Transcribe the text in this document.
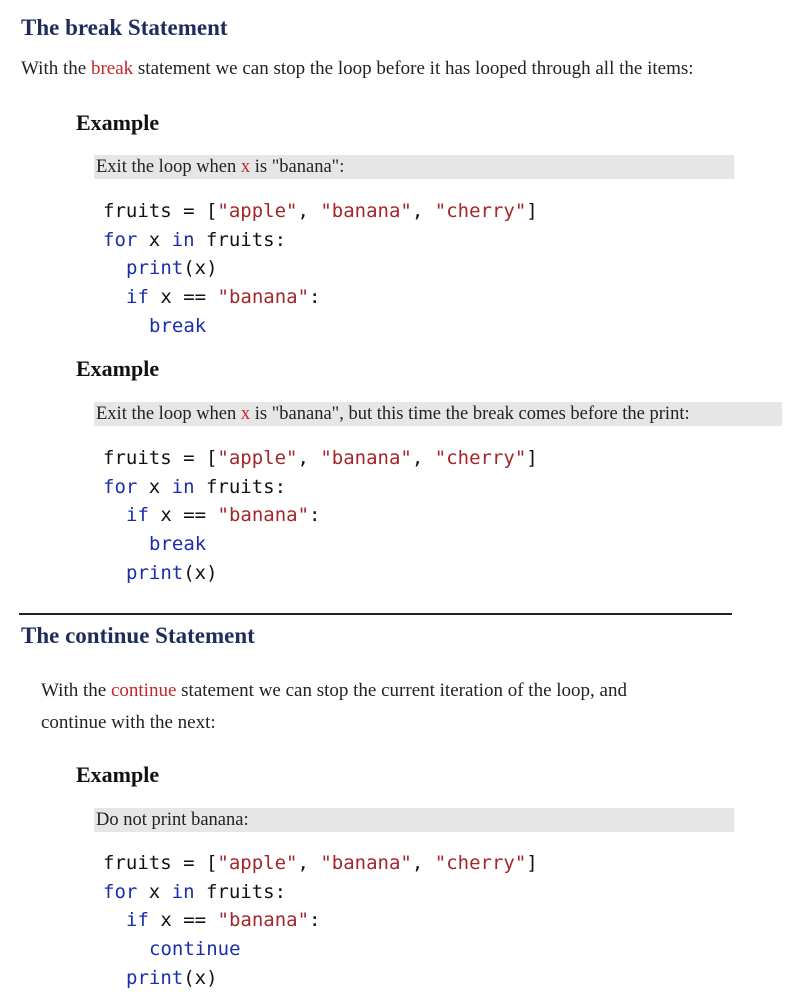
The break Statement
With the break statement we can stop the loop before it has looped through all the items:
Example
Exit the loop when x is "banana":
fruits = ["apple", "banana", "cherry"]
for x in fruits:
print(x)
if x == "banana":
break
Example
Exit the loop when x is "banana", but this time the break comes before the print:
fruits = ["apple", "banana", "cherry"]
for x in fruits:
if x == "banana":
break
print(x)
The continue Statement
With the continue statement we can stop the current iteration of the loop, and
continue with the next:
Example
Do not print banana:
fruits = ["apple", "banana", "cherry"]
for x in fruits:
if x == "banana":
continue
print(x)
